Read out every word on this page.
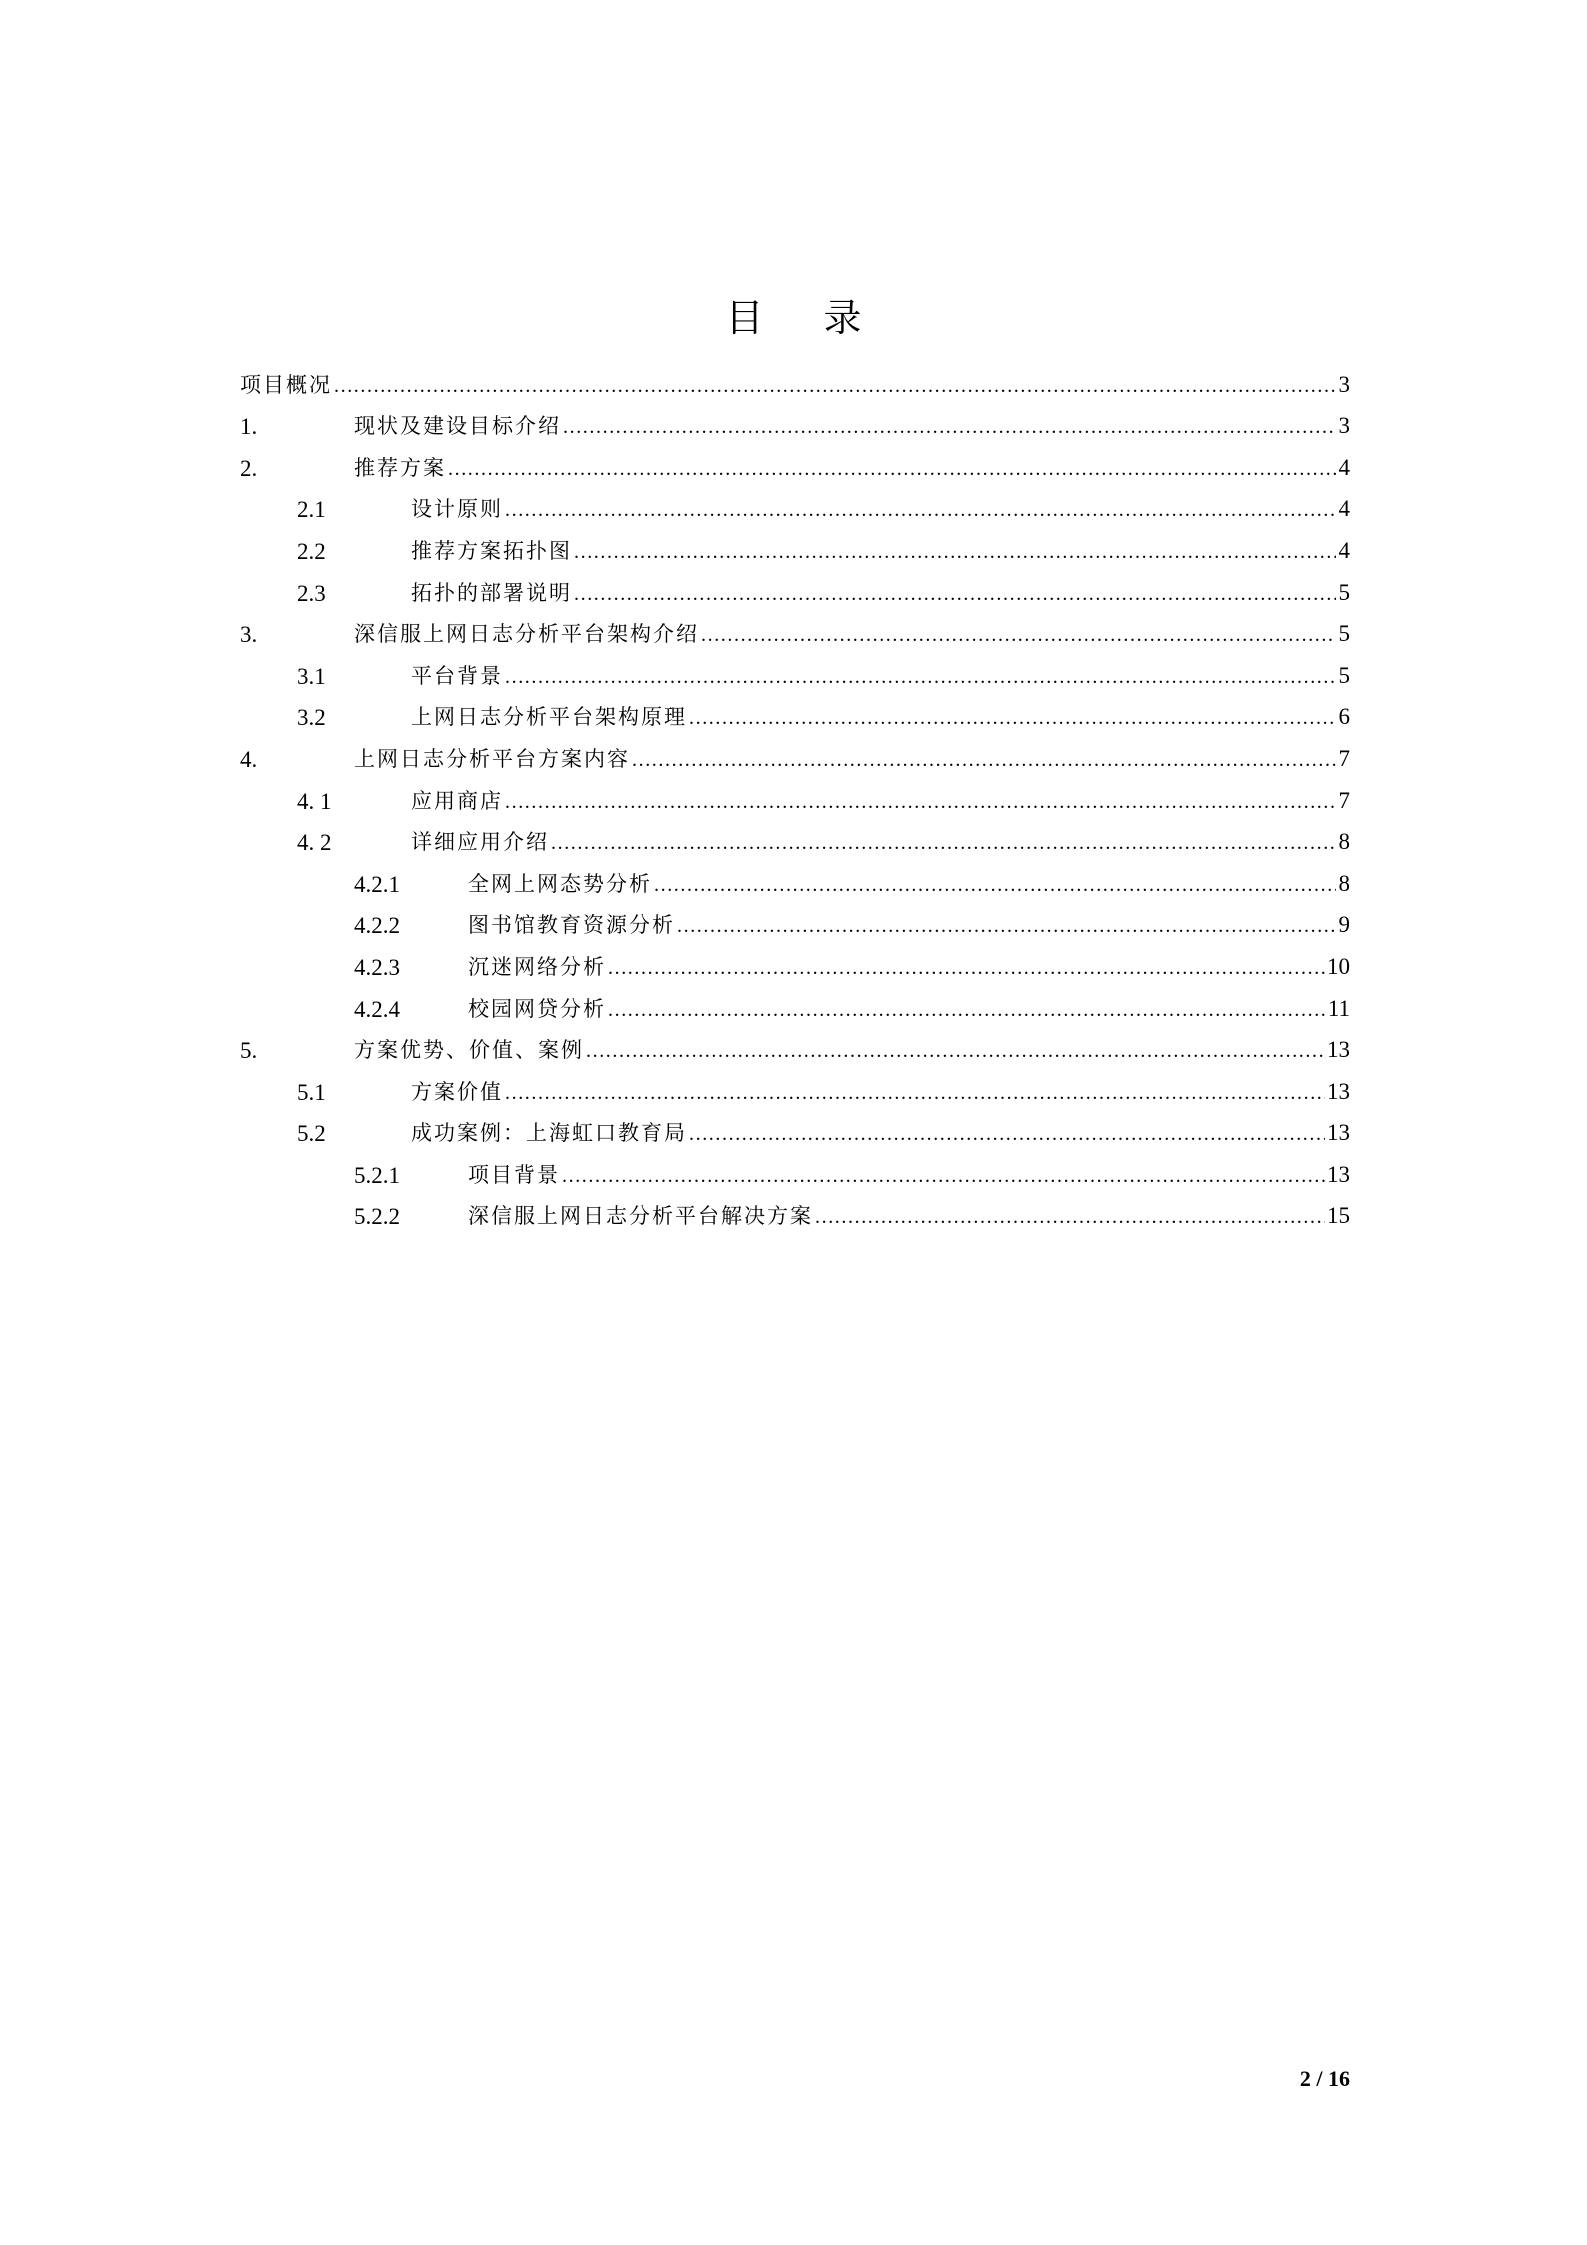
目 录
项目概况 .....	3
1.	现状及建设目标介绍 .....	3
2.	推荐方案 .....	4
2.1	设计原则 .....	4
2.2	推荐方案拓扑图 .....	4
2.3	拓扑的部署说明 .....	5
3.	深信服上网日志分析平台架构介绍 .....	5
3.1	平台背景 .....	5
3.2	上网日志分析平台架构原理 .....	6
4.	上网日志分析平台方案内容 .....	7
4. 1	应用商店 .....	7
4. 2	详细应用介绍 .....	8
4.2.1	全网上网态势分析 .....	8
4.2.2	图书馆教育资源分析 .....	9
4.2.3	沉迷网络分析 .....	10
4.2.4	校园网贷分析 .....	11
5.	方案优势、价值、案例 .....	13
5.1	方案价值 .....	13
5.2	成功案例：上海虹口教育局 .....	13
5.2.1	项目背景 .....	13
5.2.2	深信服上网日志分析平台解决方案 .....	15
2 / 16
